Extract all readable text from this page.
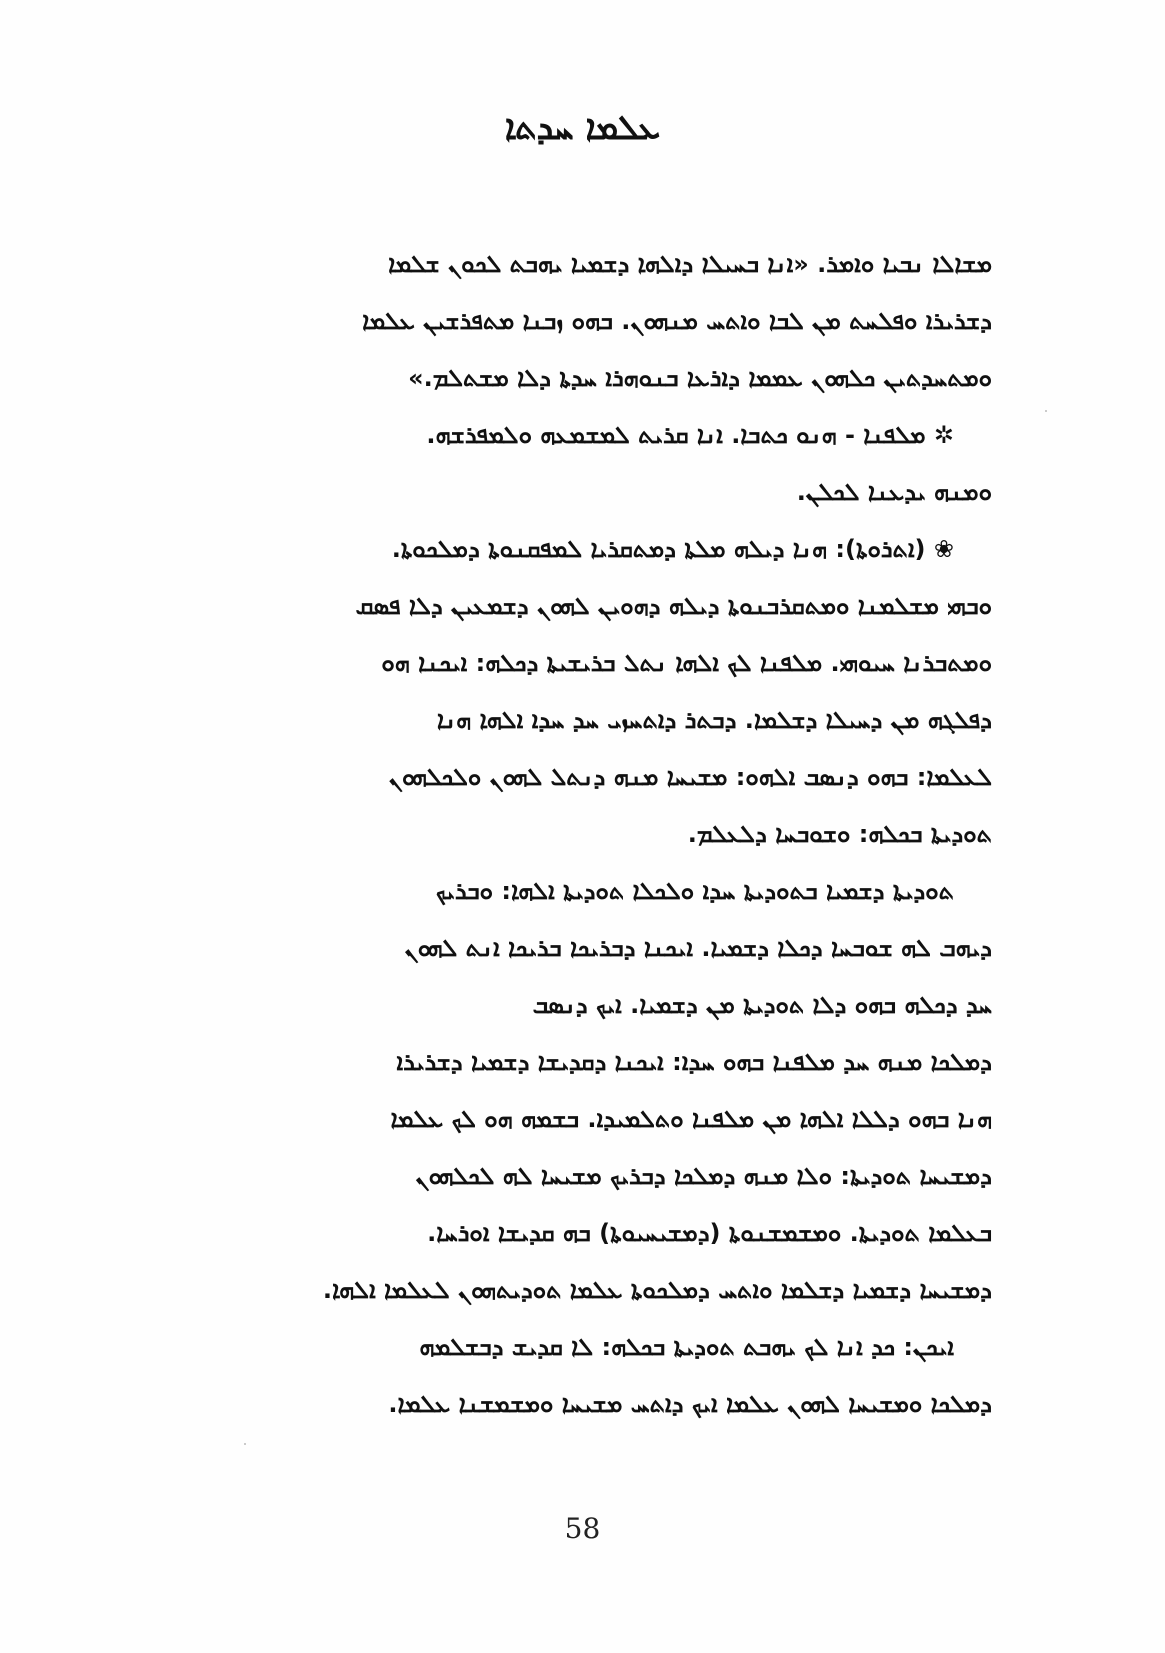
ܥܠܡܐ ܚܕܬܐ
ܡܫܐܠܐ ܢܒܝܐ ܘܐܡܪ. «ܐܢܐ ܒܚܝܠܐ ܕܐܠܗܐ ܕܫܡܝܐ ܝܗܒܬ ܠܟܘܢ ܫܠܡܐ
ܕܫܪܝܪܐ ܘܦܠܚܬ ܡܢ ܠܒܐ ܘܐܬܚ ܡܢܗܘܢ. ܒܗܘ ܙܒܢܐ ܡܬܦܪܫܝܢ ܥܠܡܐ
ܘܡܬܚܕܬܝܢ ܟܠܗܘܢ ܥܡܡܐ ܕܐܪܥܐ ܒܢܘܗܪܐ ܚܕܬܐ ܕܠܐ ܡܫܬܠܡ.»
✲ ܡܠܦܢܐ - ܗܢܘ ܟܬܒܐ. ܐܢܐ ܩܪܝܬ ܠܡܫܡܥܗ ܘܠܡܦܪܫܗ.
ܘܡܢܗ ܝܕܥܢܐ ܠܟܠܢ.
❀ (ܐܬܪܘܬܐ): ܗܢܐ ܕܝܠܗ ܡܠܬܐ ܕܡܬܩܪܝܐ ܠܡܦܩܢܘܬܐ ܕܡܠܟܘܬܐ.
ܘܒܗܝ ܡܫܠܡܢܐ ܘܡܬܩܪܒܢܘܬܐ ܕܝܠܗ ܕܗܘܝܢ ܠܗܘܢ ܕܫܡܥܝܢ ܕܠܐ ܦܣܩ
ܘܡܬܒܪܢܐ ܚܝܘܗܝ. ܡܠܦܢܐ ܠܟ ܐܠܗܐ ܢܬܠ ܒܪܝܫܝܬܐ ܕܟܠܗ: ܐܝܟܢܐ ܗܘ
ܕܦܠܓܗ ܡܢ ܕܚܝܠܐ ܕܫܠܡܐ. ܕܒܬܪ ܕܐܬܚܙܝ ܚܕ ܚܕܐ ܐܠܗܐ ܗܢܐ
ܠܥܠܡܐ: ܒܗܘ ܕܢܣܒ ܐܠܗܘ: ܡܫܝܚܐ ܡܢܗ ܕܢܬܠ ܠܗܘܢ ܘܠܟܠܗܘܢ
ܬܘܕܝܬܐ ܒܟܠܗ: ܘܫܘܒܚܐ ܕܠܥܠܡ.
ܬܘܕܝܬܐ ܕܫܡܝܐ ܒܬܘܕܝܬܐ ܚܕܐ ܘܠܟܠܐ ܬܘܕܝܬܐ ܐܠܗܐ: ܘܒܪܝܟ
ܕܝܗܒ ܠܗ ܫܘܒܚܐ ܕܟܠܐ ܕܫܡܝܐ. ܐܝܟܢܐ ܕܒܪܝܟܐ ܒܪܝܟܐ ܐܢܬ ܠܗܘܢ
ܚܕ ܕܟܠܗ ܒܗܘ ܕܠܐ ܬܘܕܝܬܐ ܡܢ ܕܫܡܝܐ. ܐܝܟ ܕܢܣܒ
ܕܡܠܟܐ ܡܢܗ ܚܕ ܡܠܦܢܐ ܒܗܘ ܚܕܐ: ܐܝܟܢܐ ܕܩܕܝܫܐ ܕܫܡܝܐ ܕܫܪܝܪܐ
ܗܢܐ ܒܗܘ ܕܠܠܐ ܐܠܗܐ ܡܢ ܡܠܦܢܐ ܘܬܠܡܝܕܐ. ܒܫܡܗ ܗܘ ܠܟ ܥܠܡܐ
ܕܡܫܝܚܐ ܬܘܕܝܬܐ: ܘܠܐ ܡܢܗ ܕܡܠܟܐ ܕܒܪܝܟ ܡܫܝܚܐ ܠܗ ܠܟܠܗܘܢ
ܒܥܠܡܐ ܬܘܕܝܬܐ. ܘܡܫܡܫܢܘܬܐ (ܕܡܫܝܚܝܘܬܐ) ܒܗ ܩܕܝܫܐ ܐܘܪܚܐ.
ܕܡܫܝܚܐ ܕܫܡܝܐ ܕܫܠܡܐ ܘܐܬܚ ܕܡܠܟܘܬܐ ܥܠܡܐ ܬܘܕܝܬܗܘܢ ܠܥܠܡܐ ܐܠܗܐ.
ܐܝܟܢ: ܟܕ ܐܢܐ ܠܟ ܝܗܒܬ ܬܘܕܝܬܐ ܒܟܠܗ: ܠܐ ܩܕܝܫ ܕܒܫܠܡܗ
ܕܡܠܟܐ ܘܡܫܝܚܐ ܠܗܘܢ ܥܠܡܐ ܐܝܟ ܕܐܬܚ ܡܫܝܚܐ ܘܡܫܡܫܢܐ ܥܠܡܐ.
58
